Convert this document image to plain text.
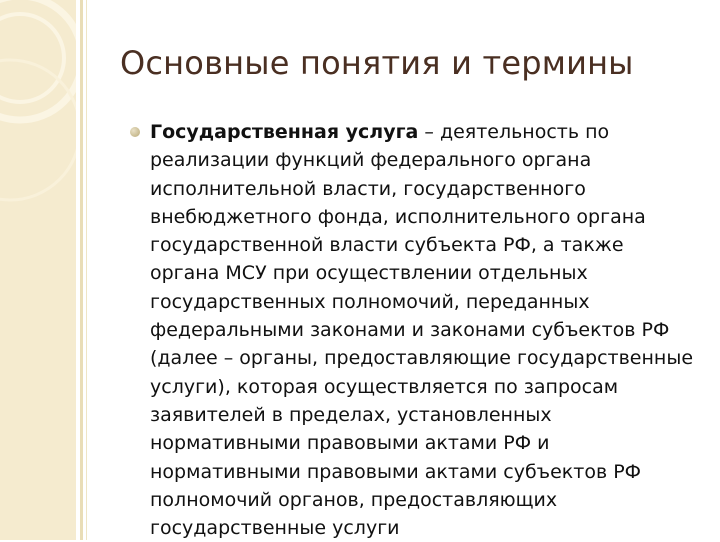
Основные понятия и термины
Государственная услуга – деятельность по реализации функций федерального органа исполнительной власти, государственного внебюджетного фонда, исполнительного органа государственной власти субъекта РФ, а также органа МСУ при осуществлении отдельных государственных полномочий, переданных федеральными законами и законами субъектов РФ (далее – органы, предоставляющие государственные услуги), которая осуществляется по запросам заявителей в пределах, установленных нормативными правовыми актами РФ и нормативными правовыми актами субъектов РФ полномочий органов, предоставляющих государственные услуги
